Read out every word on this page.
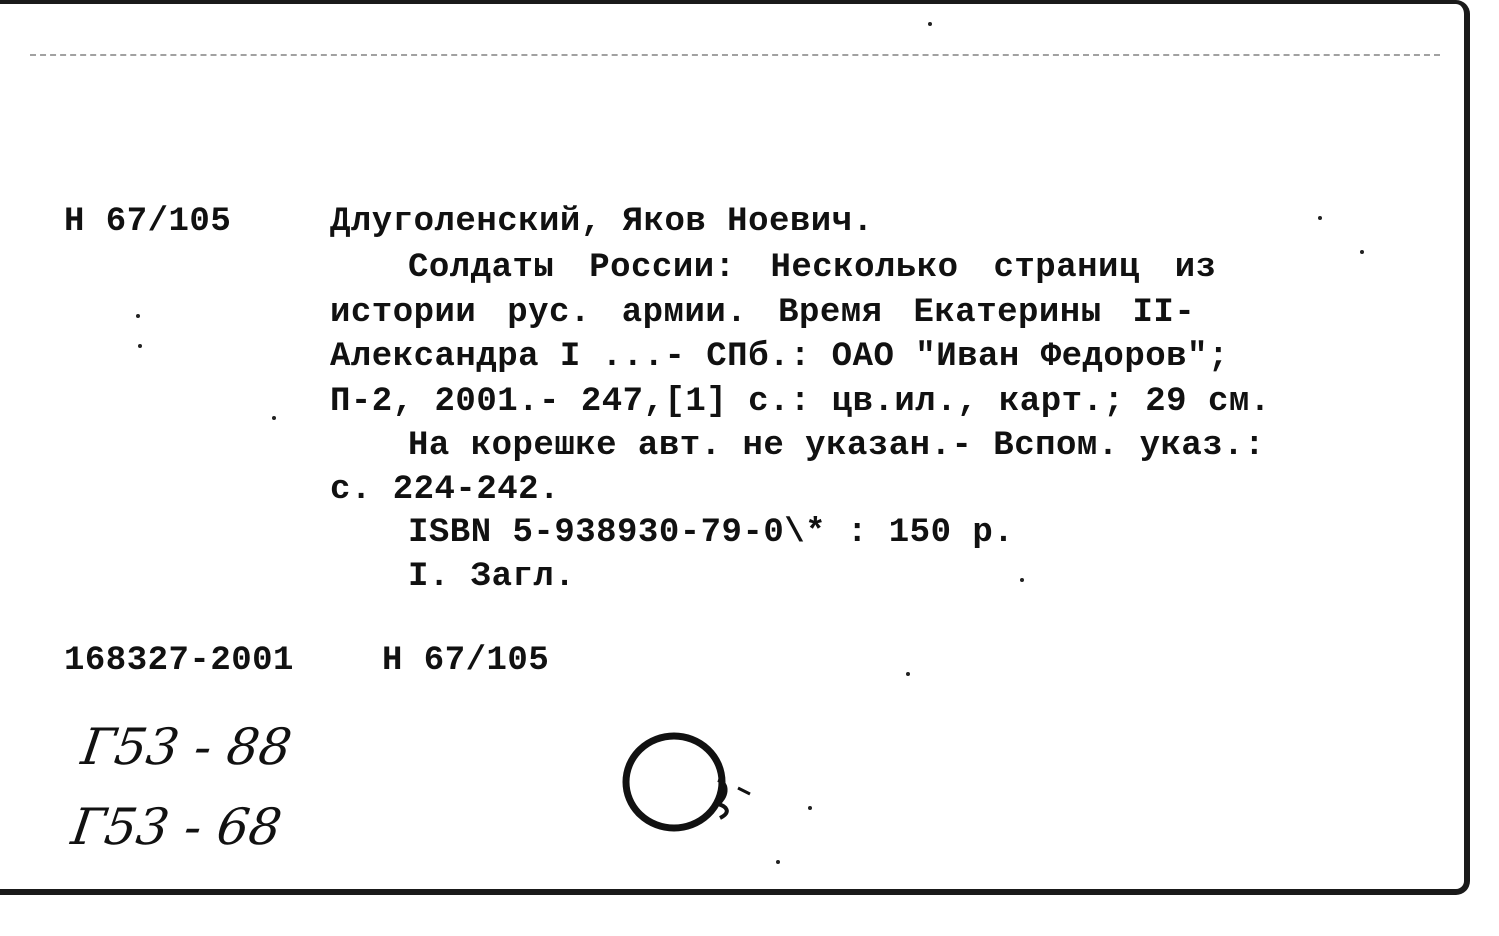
Н 67/105	Длуголенский, Яков Ноевич.
Солдаты России: Несколько страниц из
истории рус. армии. Время Екатерины II-
Александра I ...- СПб.: ОАО "Иван Федоров";
П-2, 2001.- 247,[1] с.: цв.ил., карт.; 29 см.
На корешке авт. не указан.- Вспом. указ.:
с. 224-242.
ISBN 5-938930-79-0\* : 150 р.
I. Загл.
168327-2001	Н 67/105
Г53 - 88
Г53 - 68
